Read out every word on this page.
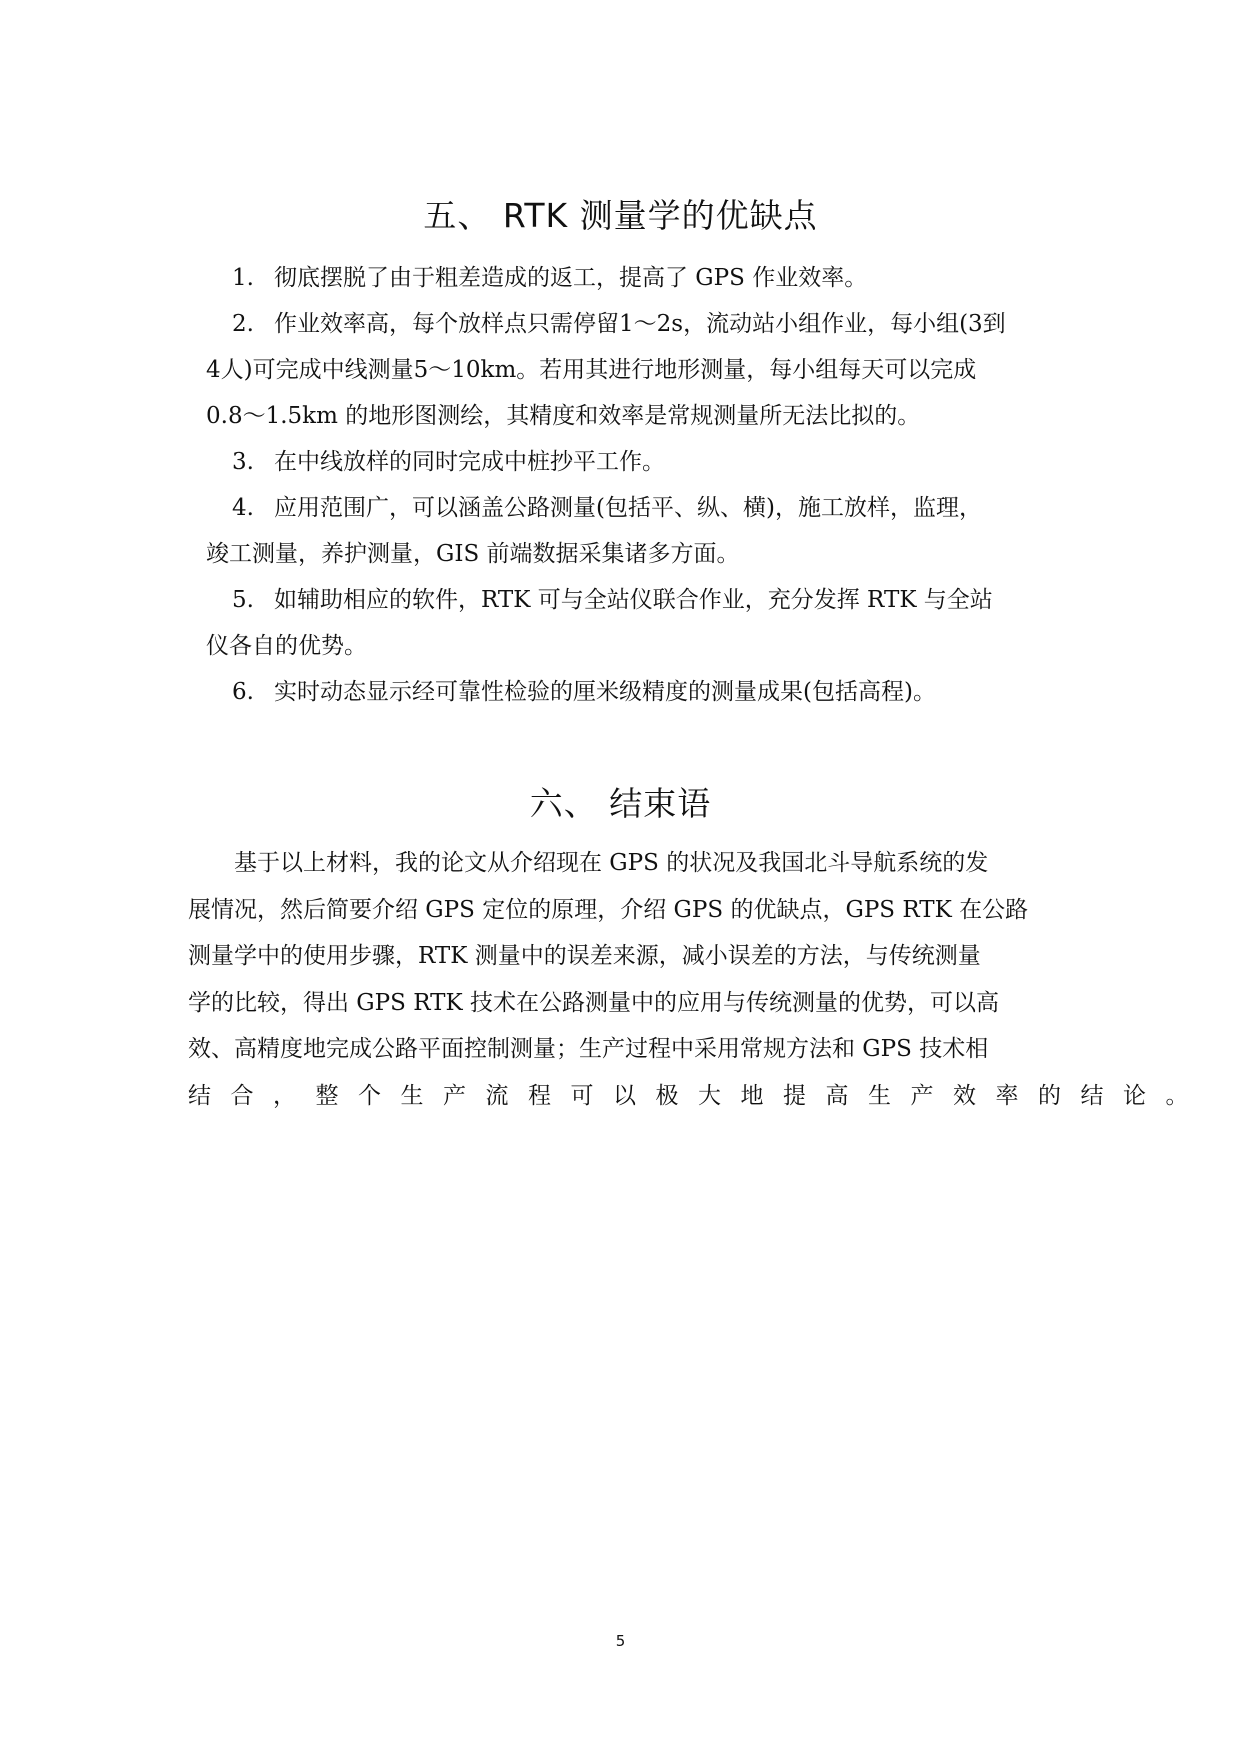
五、 RTK 测量学的优缺点
1. 彻底摆脱了由于粗差造成的返工，提高了 GPS 作业效率。
2. 作业效率高，每个放样点只需停留1～2s，流动站小组作业，每小组(3到
4人)可完成中线测量5～10km。若用其进行地形测量，每小组每天可以完成
0.8～1.5km 的地形图测绘，其精度和效率是常规测量所无法比拟的。
3. 在中线放样的同时完成中桩抄平工作。
4. 应用范围广，可以涵盖公路测量(包括平、纵、横)，施工放样，监理，
竣工测量，养护测量，GIS 前端数据采集诸多方面。
5. 如辅助相应的软件，RTK 可与全站仪联合作业，充分发挥 RTK 与全站
仪各自的优势。
6. 实时动态显示经可靠性检验的厘米级精度的测量成果(包括高程)。
六、 结束语
基于以上材料，我的论文从介绍现在 GPS 的状况及我国北斗导航系统的发
展情况，然后简要介绍 GPS 定位的原理，介绍 GPS 的优缺点，GPS RTK 在公路
测量学中的使用步骤，RTK 测量中的误差来源，减小误差的方法，与传统测量
学的比较，得出 GPS RTK 技术在公路测量中的应用与传统测量的优势，可以高
效、高精度地完成公路平面控制测量；生产过程中采用常规方法和 GPS 技术相
结合，整个生产流程可以极大地提高生产效率的结论。
5
